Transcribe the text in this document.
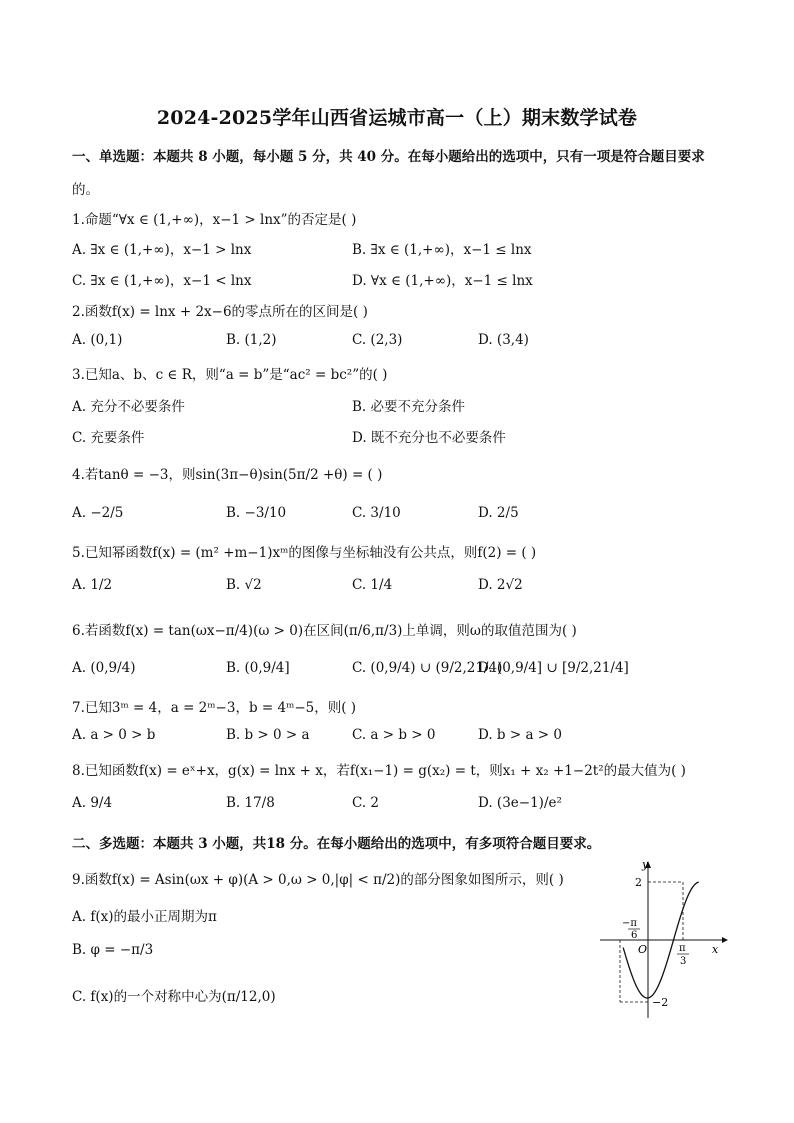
2024-2025学年山西省运城市高一（上）期末数学试卷
一、单选题：本题共 8 小题，每小题 5 分，共 40 分。在每小题给出的选项中，只有一项是符合题目要求
的。
1.命题“∀x ∈ (1,+∞)，x−1 > lnx”的否定是( )
A. ∃x ∈ (1,+∞)，x−1 > lnx	B. ∃x ∈ (1,+∞)，x−1 ≤ lnx
C. ∃x ∈ (1,+∞)，x−1 < lnx	D. ∀x ∈ (1,+∞)，x−1 ≤ lnx
2.函数f(x) = lnx + 2x−6的零点所在的区间是( )
A. (0,1)	B. (1,2)	C. (2,3)	D. (3,4)
3.已知a、b、c ∈ R，则“a = b”是“ac² = bc²”的( )
A. 充分不必要条件	B. 必要不充分条件
C. 充要条件	D. 既不充分也不必要条件
4.若tanθ = −3，则sin(3π−θ)sin(5π/2 +θ) = ( )
A. −2/5	B. −3/10	C. 3/10	D. 2/5
5.已知幂函数f(x) = (m² +m−1)xᵐ的图像与坐标轴没有公共点，则f(2) = ( )
A. 1/2	B. √2	C. 1/4	D. 2√2
6.若函数f(x) = tan(ωx−π/4)(ω > 0)在区间(π/6,π/3)上单调，则ω的取值范围为( )
A. (0,9/4)	B. (0,9/4]	C. (0,9/4) ∪ (9/2,21/4)
D. (0,9/4] ∪ [9/2,21/4]
7.已知3ᵐ = 4，a = 2ᵐ−3，b = 4ᵐ−5，则( )
A. a > 0 > b	B. b > 0 > a	C. a > b > 0	D. b > a > 0
8.已知函数f(x) = eˣ+x，g(x) = lnx + x，若f(x₁−1) = g(x₂) = t，则x₁ + x₂ +1−2t²的最大值为( )
A. 9/4	B. 17/8	C. 2	D. (3e−1)/e²
二、多选题：本题共 3 小题，共18 分。在每小题给出的选项中，有多项符合题目要求。
9.函数f(x) = Asin(ωx + φ)(A > 0,ω > 0,|φ| < π/2)的部分图象如图所示，则( )
A. f(x)的最小正周期为π
B. φ = −π/3
C. f(x)的一个对称中心为(π/12,0)
y
x
O
2
−2
−π
6
π
3
